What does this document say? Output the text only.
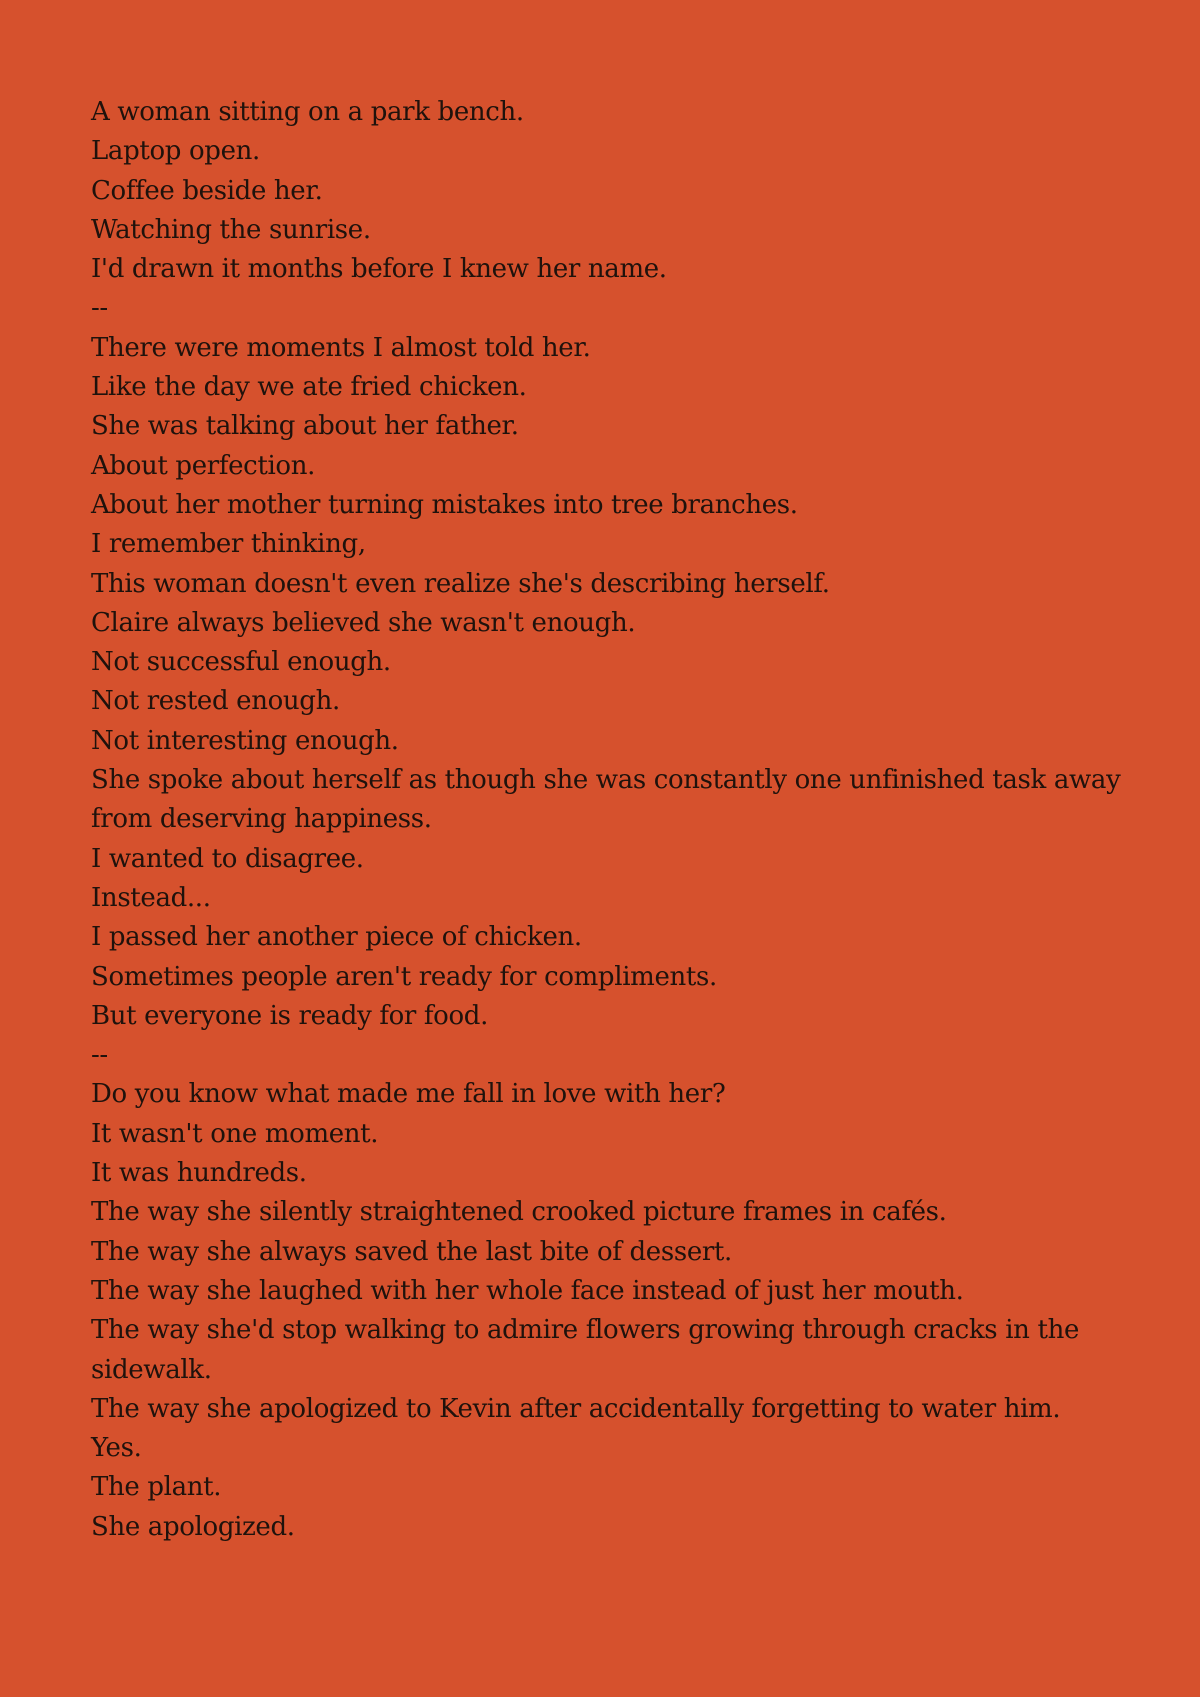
A woman sitting on a park bench.
Laptop open.
Coffee beside her.
Watching the sunrise.
I'd drawn it months before I knew her name.
--
There were moments I almost told her.
Like the day we ate fried chicken.
She was talking about her father.
About perfection.
About her mother turning mistakes into tree branches.
I remember thinking,
This woman doesn't even realize she's describing herself.
Claire always believed she wasn't enough.
Not successful enough.
Not rested enough.
Not interesting enough.
She spoke about herself as though she was constantly one unfinished task away from deserving happiness.
I wanted to disagree.
Instead...
I passed her another piece of chicken.
Sometimes people aren't ready for compliments.
But everyone is ready for food.
--
Do you know what made me fall in love with her?
It wasn't one moment.
It was hundreds.
The way she silently straightened crooked picture frames in cafés.
The way she always saved the last bite of dessert.
The way she laughed with her whole face instead of just her mouth.
The way she'd stop walking to admire flowers growing through cracks in the sidewalk.
The way she apologized to Kevin after accidentally forgetting to water him.
Yes.
The plant.
She apologized.
